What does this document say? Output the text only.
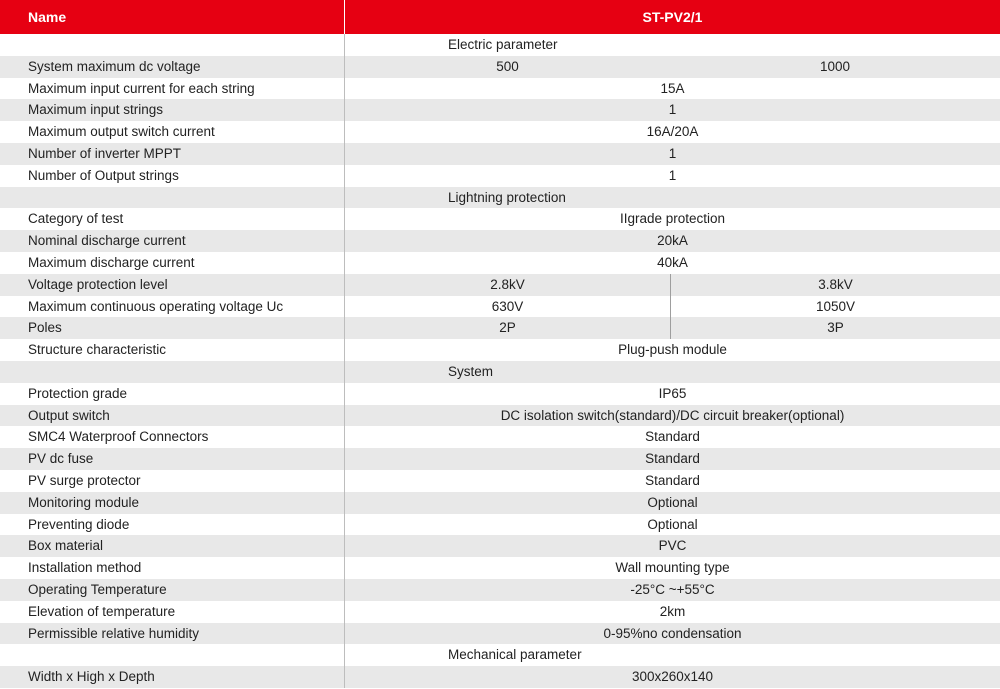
Name	ST-PV2/1
Electric parameter
System maximum dc voltage	500	1000
Maximum input current for each string	15A
Maximum input strings	1
Maximum output switch current	16A/20A
Number of inverter MPPT	1
Number of Output strings	1
Lightning protection
Category of test	IIgrade protection
Nominal discharge current	20kA
Maximum discharge current	40kA
Voltage protection level	2.8kV	3.8kV
Maximum continuous operating voltage Uc	630V	1050V
Poles	2P	3P
Structure characteristic	Plug-push module
System
Protection grade	IP65
Output switch	DC isolation switch(standard)/DC circuit breaker(optional)
SMC4 Waterproof Connectors	Standard
PV dc fuse	Standard
PV surge protector	Standard
Monitoring module	Optional
Preventing diode	Optional
Box material	PVC
Installation method	Wall mounting type
Operating Temperature	-25°C ~+55°C
Elevation of temperature	2km
Permissible relative humidity	0-95%no condensation
Mechanical parameter
Width x High x Depth	300x260x140
